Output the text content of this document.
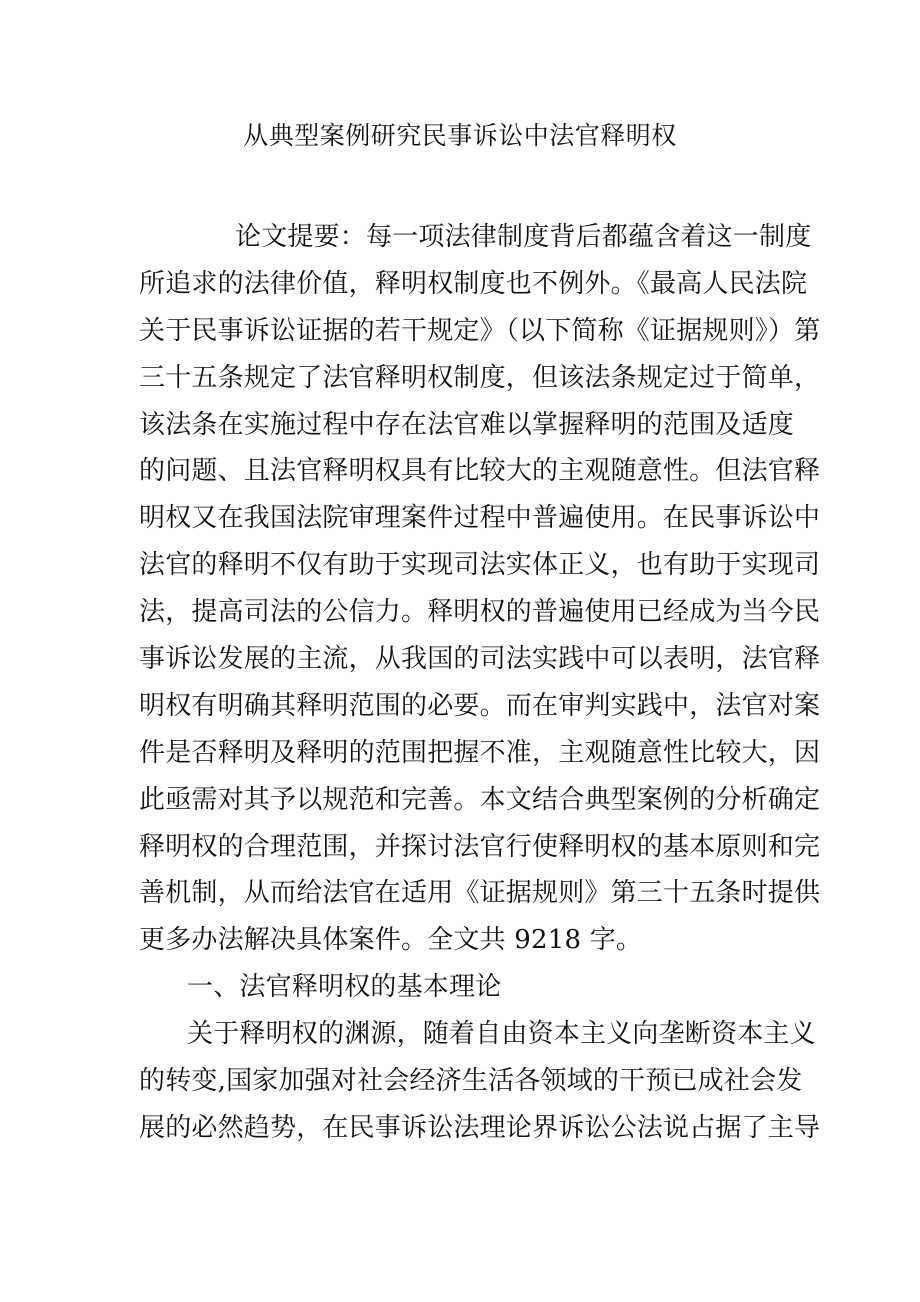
从典型案例研究民事诉讼中法官释明权
论文提要：每一项法律制度背后都蕴含着这一制度
所追求的法律价值，释明权制度也不例外。《最高人民法院
关于民事诉讼证据的若干规定》（以下简称《证据规则》）第
三十五条规定了法官释明权制度，但该法条规定过于简单，
该法条在实施过程中存在法官难以掌握释明的范围及适度
的问题、且法官释明权具有比较大的主观随意性。但法官释
明权又在我国法院审理案件过程中普遍使用。在民事诉讼中
法官的释明不仅有助于实现司法实体正义，也有助于实现司
法，提高司法的公信力。释明权的普遍使用已经成为当今民
事诉讼发展的主流，从我国的司法实践中可以表明，法官释
明权有明确其释明范围的必要。而在审判实践中，法官对案
件是否释明及释明的范围把握不准，主观随意性比较大，因
此亟需对其予以规范和完善。本文结合典型案例的分析确定
释明权的合理范围，并探讨法官行使释明权的基本原则和完
善机制，从而给法官在适用《证据规则》第三十五条时提供
更多办法解决具体案件。全文共 9218 字。
一、法官释明权的基本理论
关于释明权的渊源，随着自由资本主义向垄断资本主义
的转变,国家加强对社会经济生活各领域的干预已成社会发
展的必然趋势，在民事诉讼法理论界诉讼公法说占据了主导
